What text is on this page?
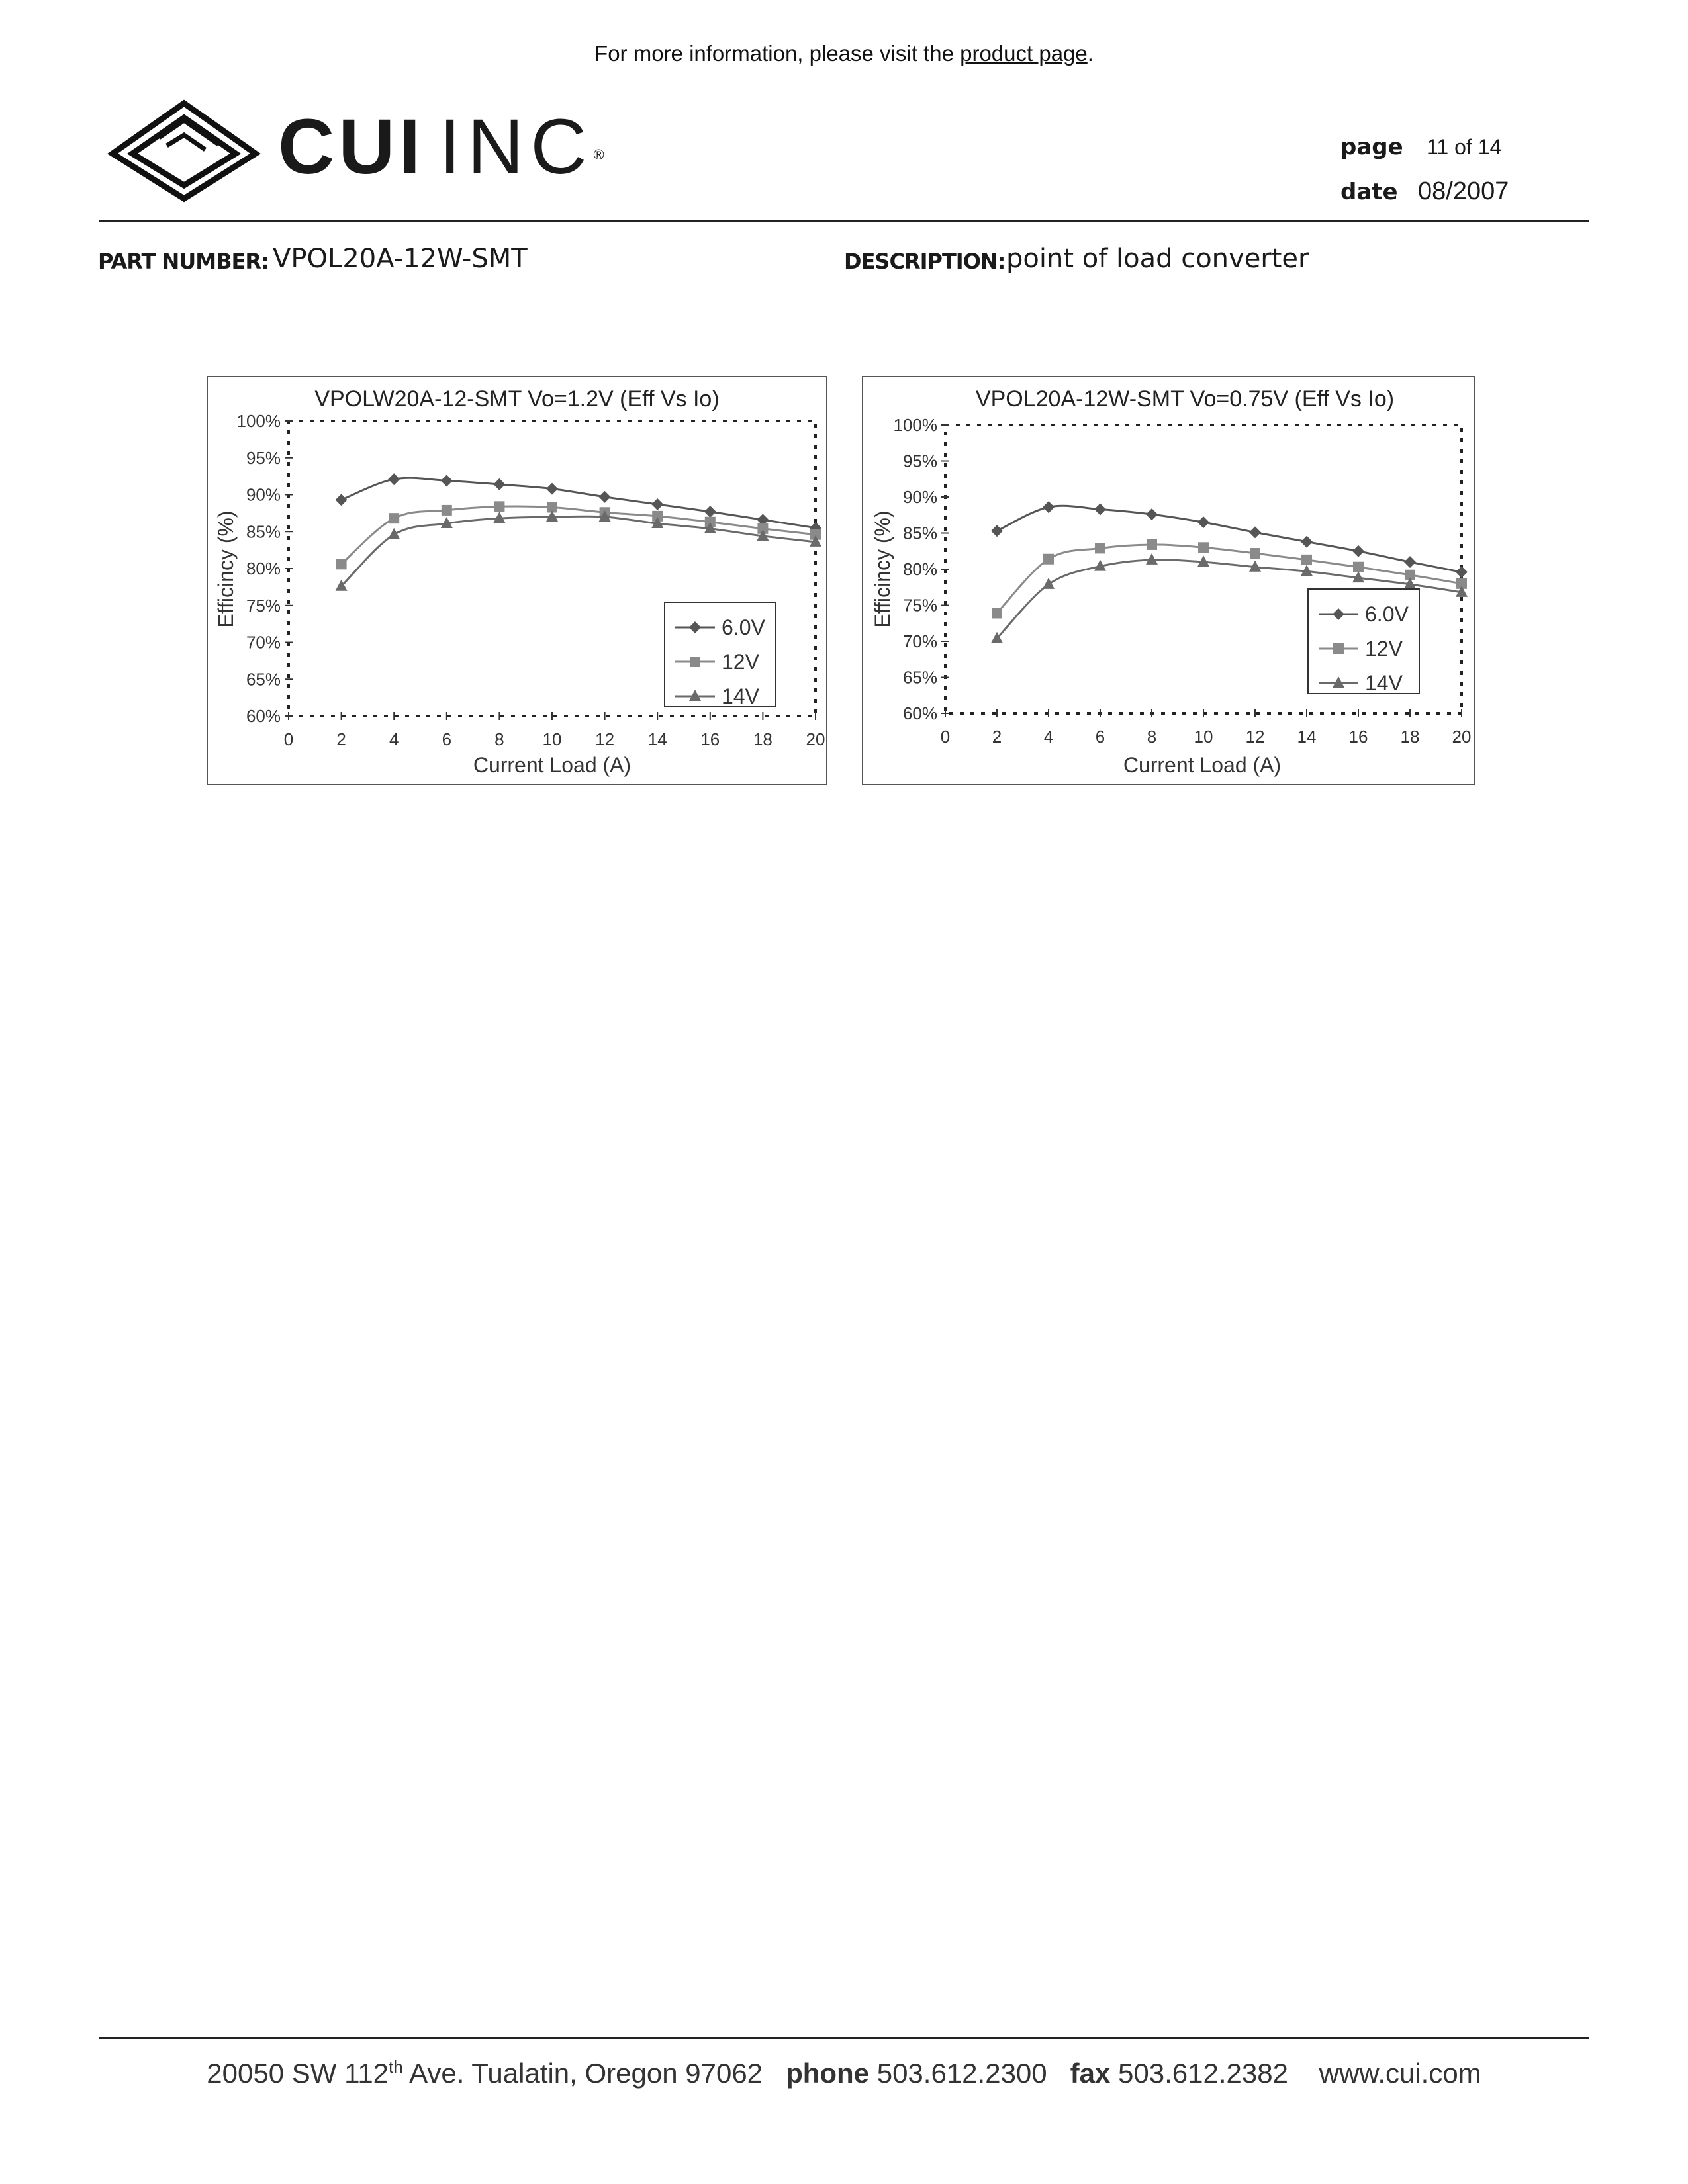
For more information, please visit the product page.
CUI INC®	page 11 of 14
date 08/2007
PART NUMBER: VPOL20A-12W-SMT	DESCRIPTION: point of load converter
VPOLW20A-12-SMT Vo=1.2V (Eff Vs Io)
0	2	4	6	8 10 12 14 16 18 20
60%
65%
70%
75%
80%
85%
90%
95%
100%
Current Load (A)
Efficincy (%)	6.0V
12V
14V
VPOL20A-12W-SMT Vo=0.75V (Eff Vs Io)
0 2 4 6 8 10 12 14 16 18 20
60%
65%
70%
75%
80%
85%
90%
95%
100%
Current Load (A)
Efficincy (%)	6.0V
12V
14V
20050 SW 112th Ave. Tualatin, Oregon 97062 phone 503.612.2300 fax 503.612.2382 www.cui.com
